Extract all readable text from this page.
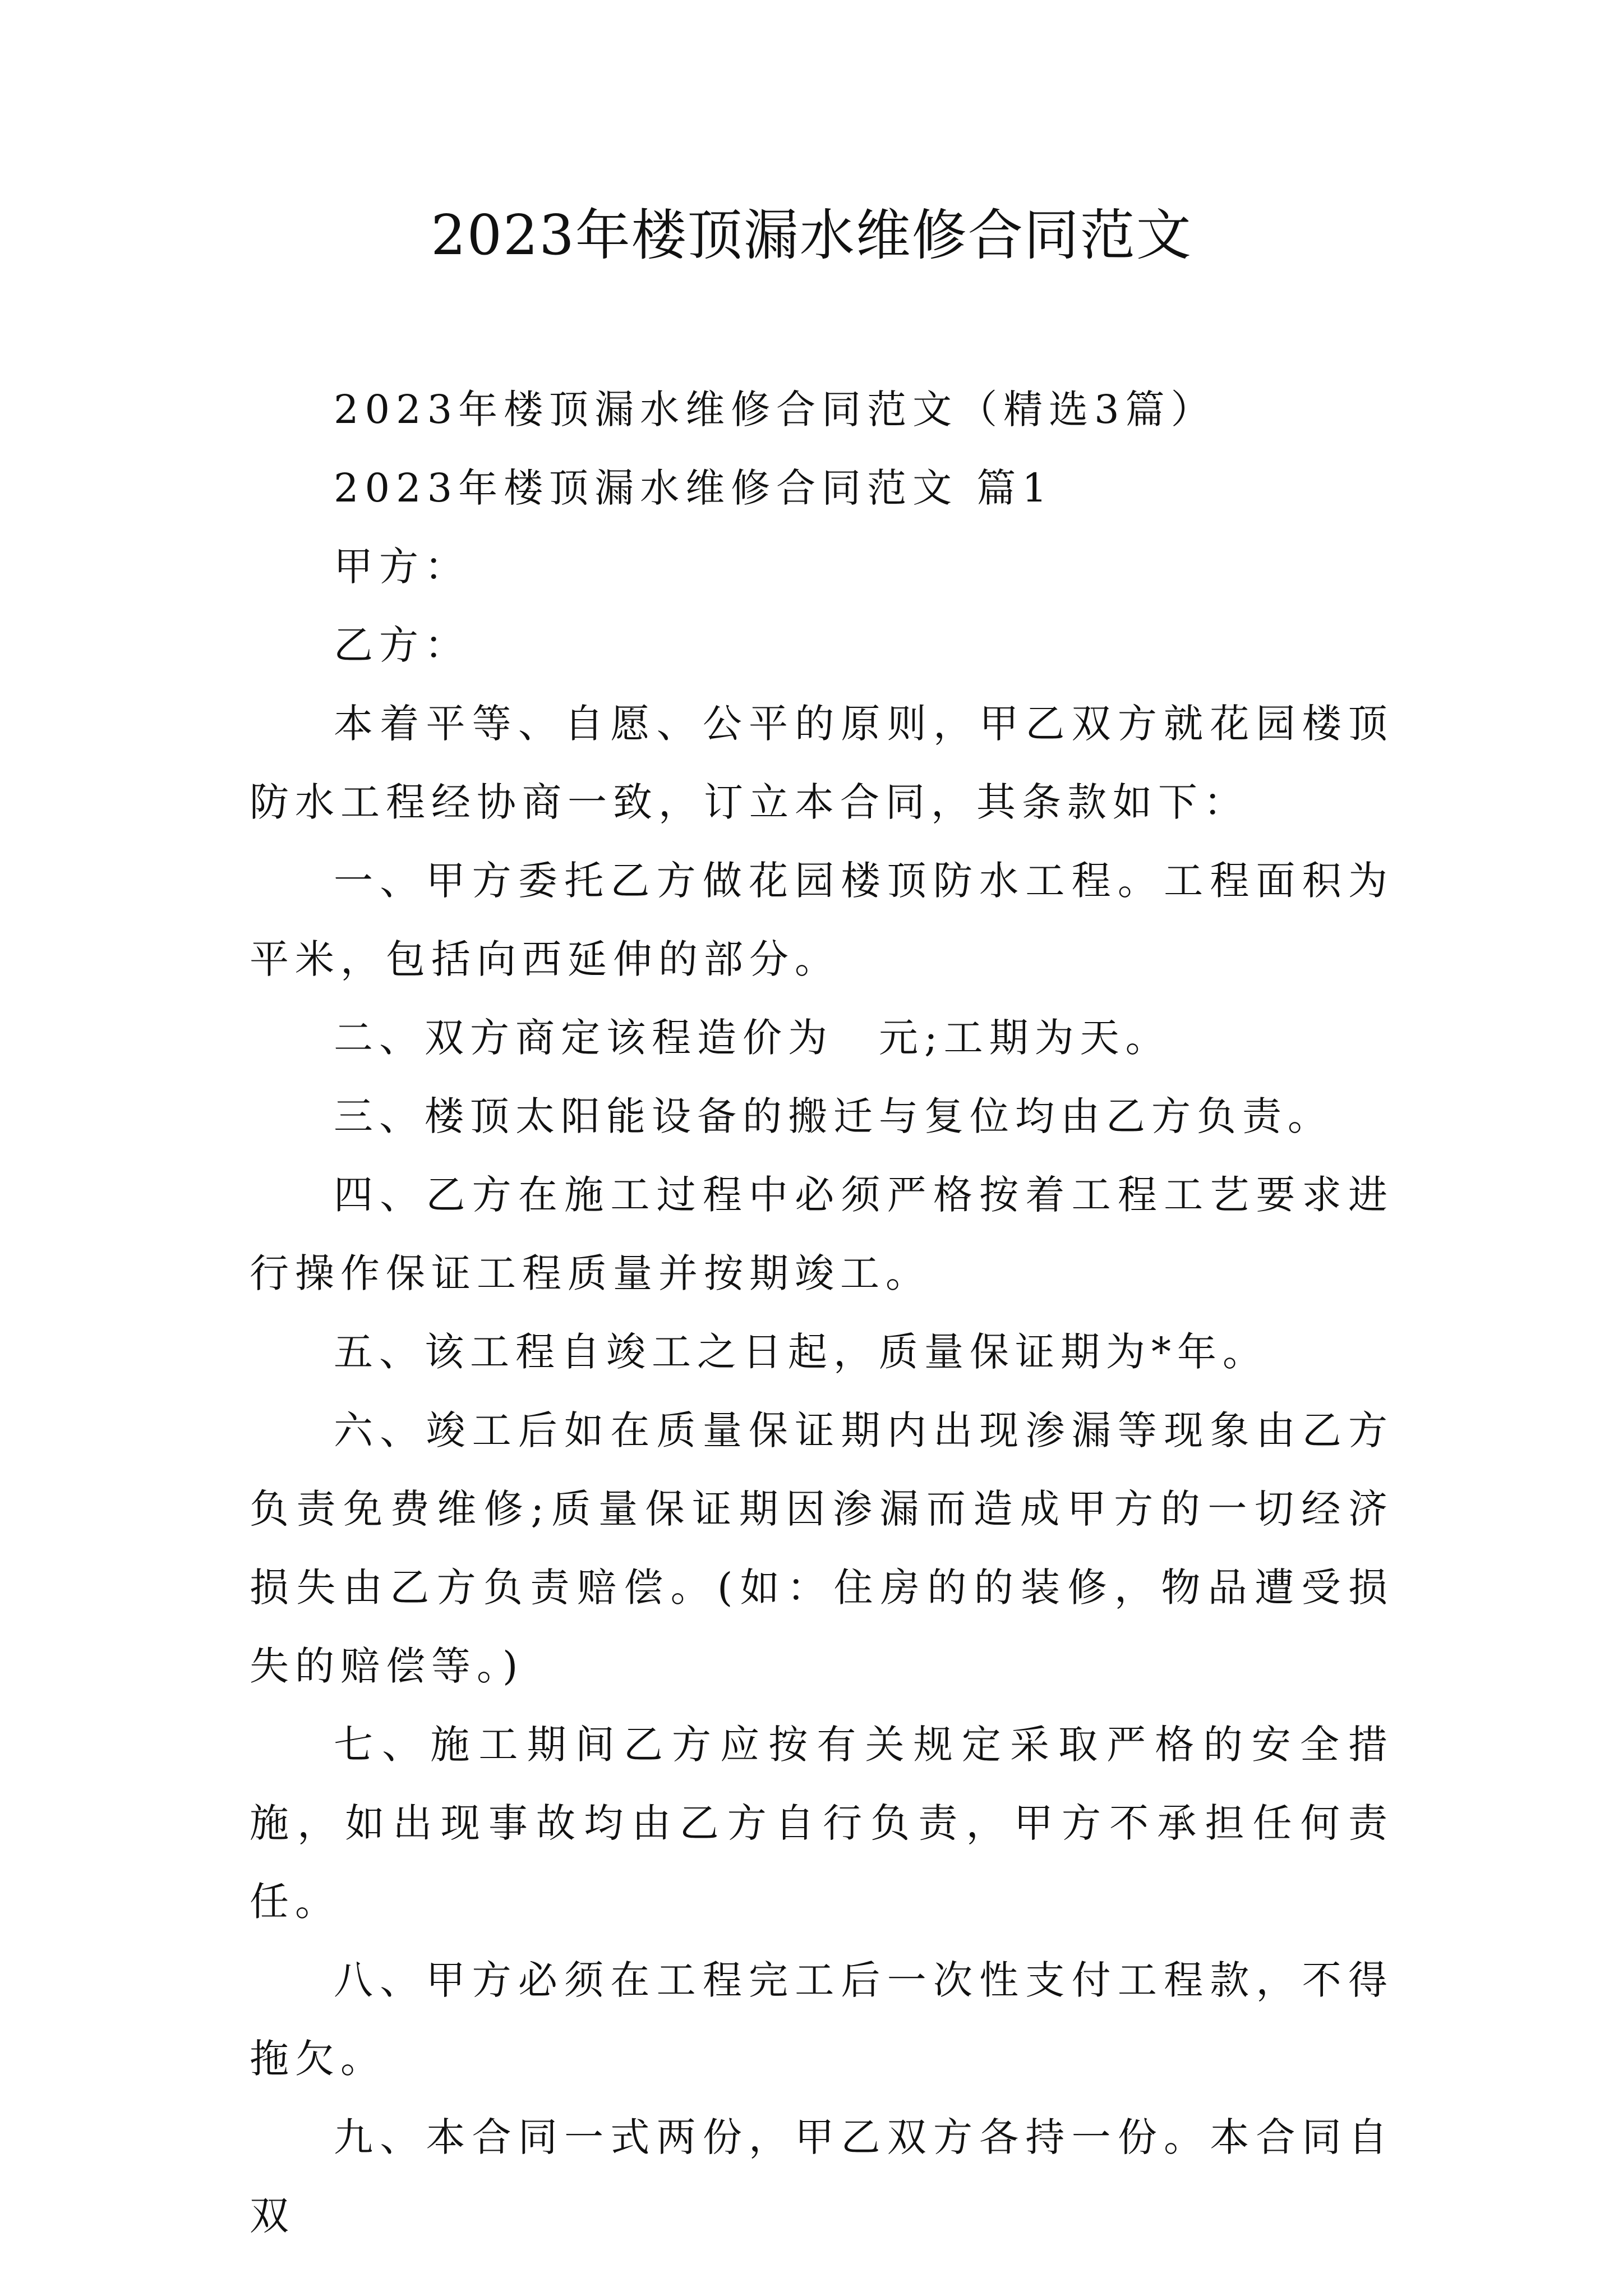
2023年楼顶漏水维修合同范文

2023年楼顶漏水维修合同范文（精选3篇）

2023年楼顶漏水维修合同范文 篇1

甲方：

乙方：

本着平等、自愿、公平的原则，甲乙双方就花园楼顶防水工程经协商一致，订立本合同，其条款如下：

一、甲方委托乙方做花园楼顶防水工程。工程面积为平米，包括向西延伸的部分。

二、双方商定该程造价为　元;工期为天。

三、楼顶太阳能设备的搬迁与复位均由乙方负责。

四、乙方在施工过程中必须严格按着工程工艺要求进行操作保证工程质量并按期竣工。

五、该工程自竣工之日起，质量保证期为*年。

六、竣工后如在质量保证期内出现渗漏等现象由乙方负责免费维修;质量保证期因渗漏而造成甲方的一切经济损失由乙方负责赔偿。(如：住房的的装修，物品遭受损失的赔偿等。)

七、施工期间乙方应按有关规定采取严格的安全措施，如出现事故均由乙方自行负责，甲方不承担任何责任。

八、甲方必须在工程完工后一次性支付工程款，不得拖欠。

九、本合同一式两份，甲乙双方各持一份。本合同自双
